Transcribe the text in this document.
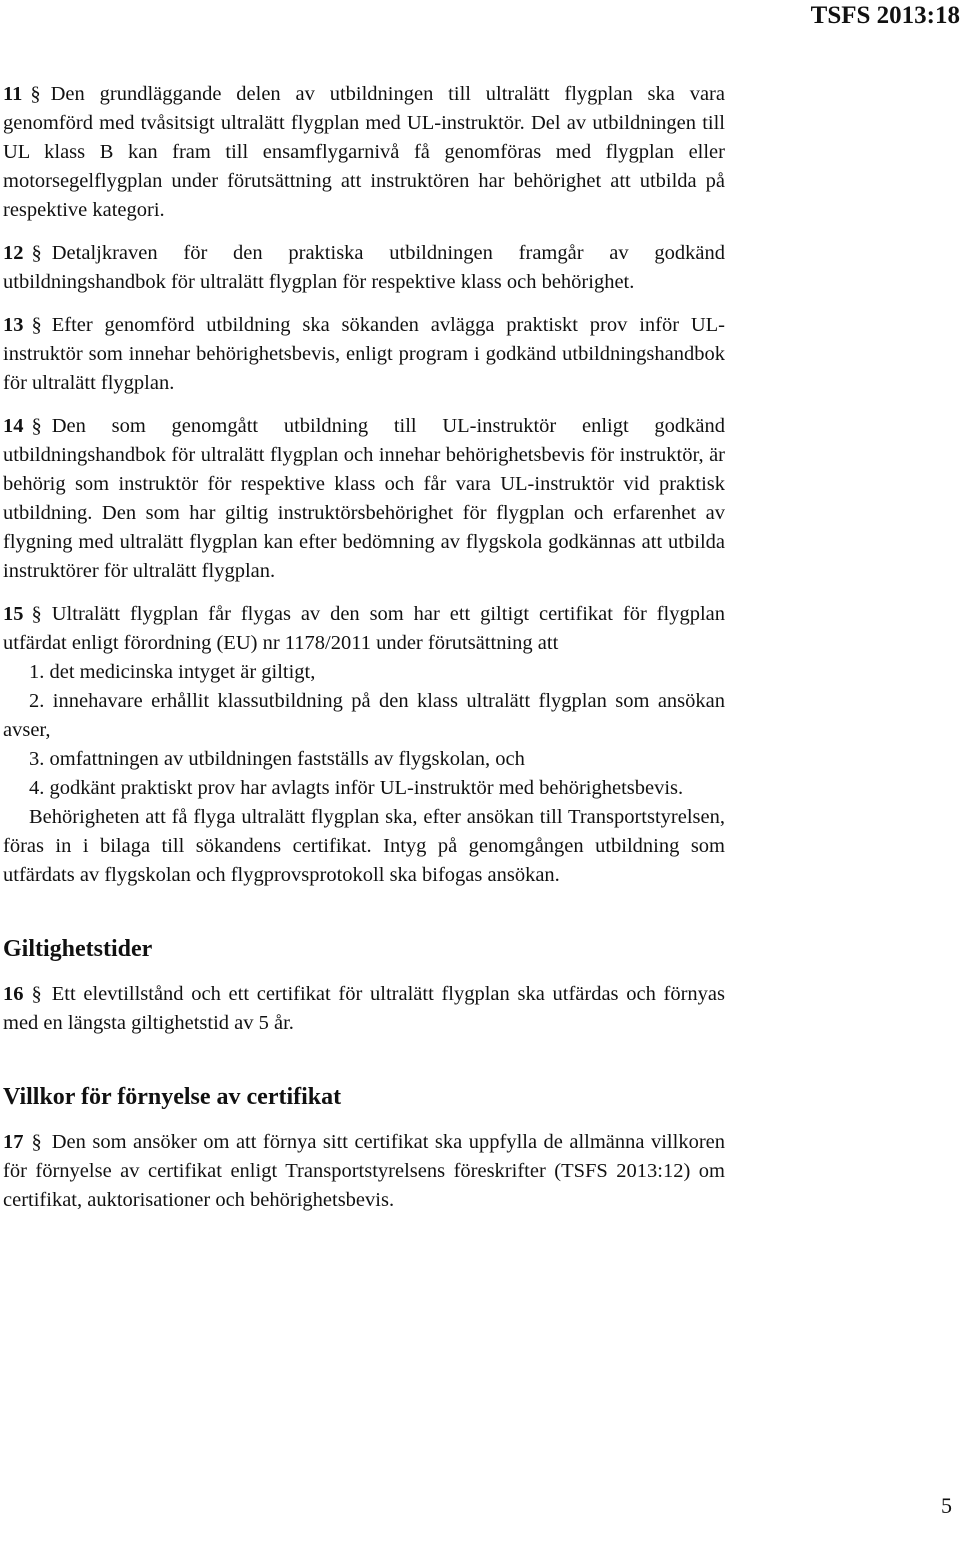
TSFS 2013:18

11 § Den grundläggande delen av utbildningen till ultralätt flygplan ska vara genomförd med tvåsitsigt ultralätt flygplan med UL-instruktör. Del av utbildningen till UL klass B kan fram till ensamflygarnivå få genomföras med flygplan eller motorsegelflygplan under förutsättning att instruktören har behörighet att utbilda på respektive kategori.

12 § Detaljkraven för den praktiska utbildningen framgår av godkänd utbildningshandbok för ultralätt flygplan för respektive klass och behörighet.

13 § Efter genomförd utbildning ska sökanden avlägga praktiskt prov inför UL-instruktör som innehar behörighetsbevis, enligt program i godkänd utbildningshandbok för ultralätt flygplan.

14 § Den som genomgått utbildning till UL-instruktör enligt godkänd utbildningshandbok för ultralätt flygplan och innehar behörighetsbevis för instruktör, är behörig som instruktör för respektive klass och får vara UL-instruktör vid praktisk utbildning. Den som har giltig instruktörsbehörighet för flygplan och erfarenhet av flygning med ultralätt flygplan kan efter bedömning av flygskola godkännas att utbilda instruktörer för ultralätt flygplan.

15 § Ultralätt flygplan får flygas av den som har ett giltigt certifikat för flygplan utfärdat enligt förordning (EU) nr 1178/2011 under förutsättning att

1. det medicinska intyget är giltigt,

2. innehavare erhållit klassutbildning på den klass ultralätt flygplan som ansökan avser,

3. omfattningen av utbildningen fastställs av flygskolan, och

4. godkänt praktiskt prov har avlagts inför UL-instruktör med behörighetsbevis.

Behörigheten att få flyga ultralätt flygplan ska, efter ansökan till Transportstyrelsen, föras in i bilaga till sökandens certifikat. Intyg på genomgången utbildning som utfärdats av flygskolan och flygprovsprotokoll ska bifogas ansökan.

Giltighetstider

16 § Ett elevtillstånd och ett certifikat för ultralätt flygplan ska utfärdas och förnyas med en längsta giltighetstid av 5 år.

Villkor för förnyelse av certifikat

17 § Den som ansöker om att förnya sitt certifikat ska uppfylla de allmänna villkoren för förnyelse av certifikat enligt Transportstyrelsens föreskrifter (TSFS 2013:12) om certifikat, auktorisationer och behörighetsbevis.

5
